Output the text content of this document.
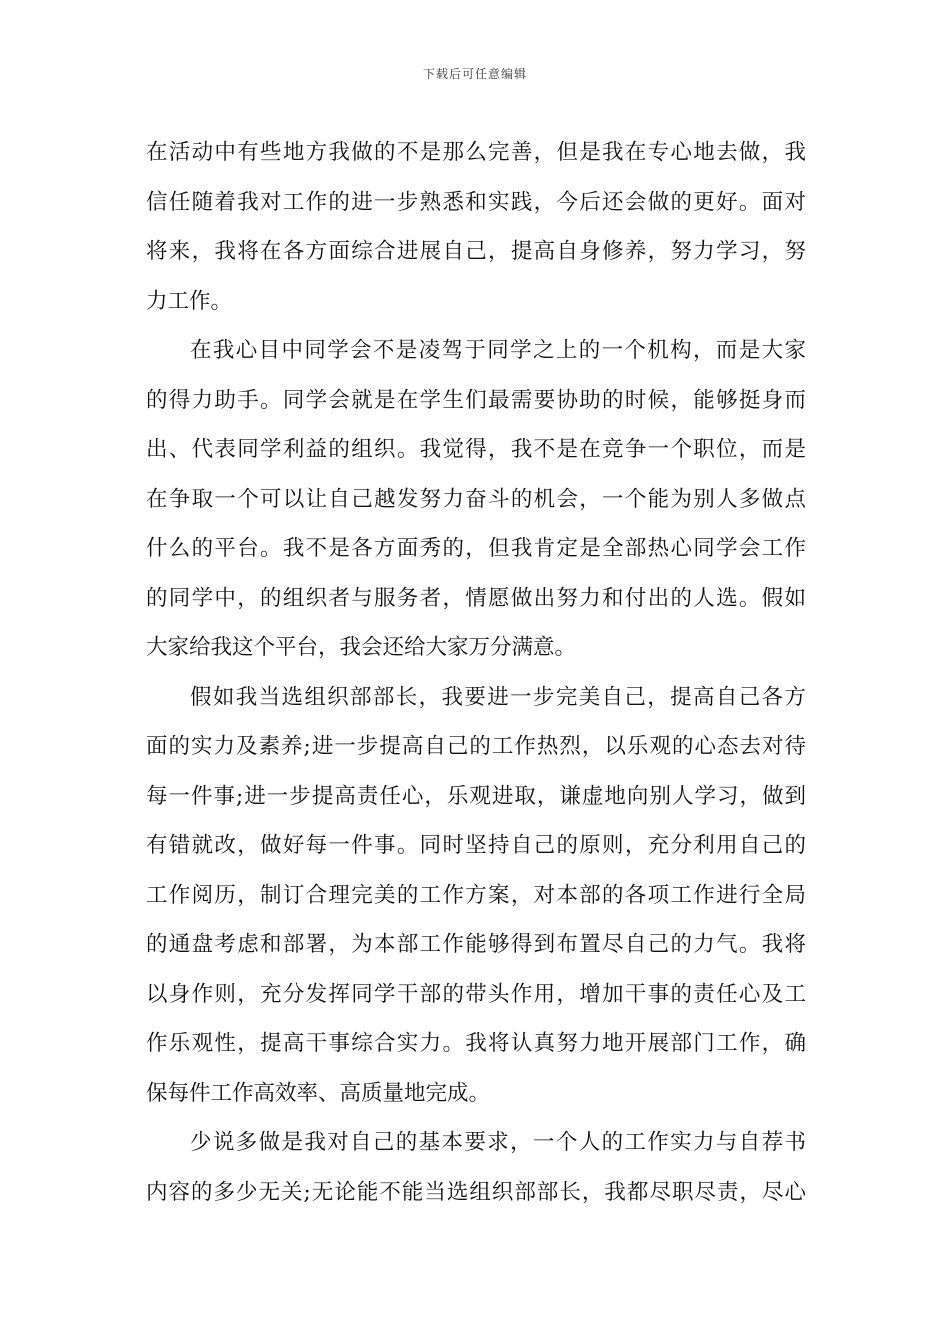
下载后可任意编辑
在活动中有些地方我做的不是那么完善，但是我在专心地去做，我
信任随着我对工作的进一步熟悉和实践，今后还会做的更好。面对
将来，我将在各方面综合进展自己，提高自身修养，努力学习，努
力工作。
在我心目中同学会不是凌驾于同学之上的一个机构，而是大家
的得力助手。同学会就是在学生们最需要协助的时候，能够挺身而
出、代表同学利益的组织。我觉得，我不是在竞争一个职位，而是
在争取一个可以让自己越发努力奋斗的机会，一个能为别人多做点
什么的平台。我不是各方面秀的，但我肯定是全部热心同学会工作
的同学中，的组织者与服务者，情愿做出努力和付出的人选。假如
大家给我这个平台，我会还给大家万分满意。
假如我当选组织部部长，我要进一步完美自己，提高自己各方
面的实力及素养;进一步提高自己的工作热烈，以乐观的心态去对待
每一件事;进一步提高责任心，乐观进取，谦虚地向别人学习，做到
有错就改，做好每一件事。同时坚持自己的原则，充分利用自己的
工作阅历，制订合理完美的工作方案，对本部的各项工作进行全局
的通盘考虑和部署，为本部工作能够得到布置尽自己的力气。我将
以身作则，充分发挥同学干部的带头作用，增加干事的责任心及工
作乐观性，提高干事综合实力。我将认真努力地开展部门工作，确
保每件工作高效率、高质量地完成。
少说多做是我对自己的基本要求，一个人的工作实力与自荐书
内容的多少无关;无论能不能当选组织部部长，我都尽职尽责，尽心
